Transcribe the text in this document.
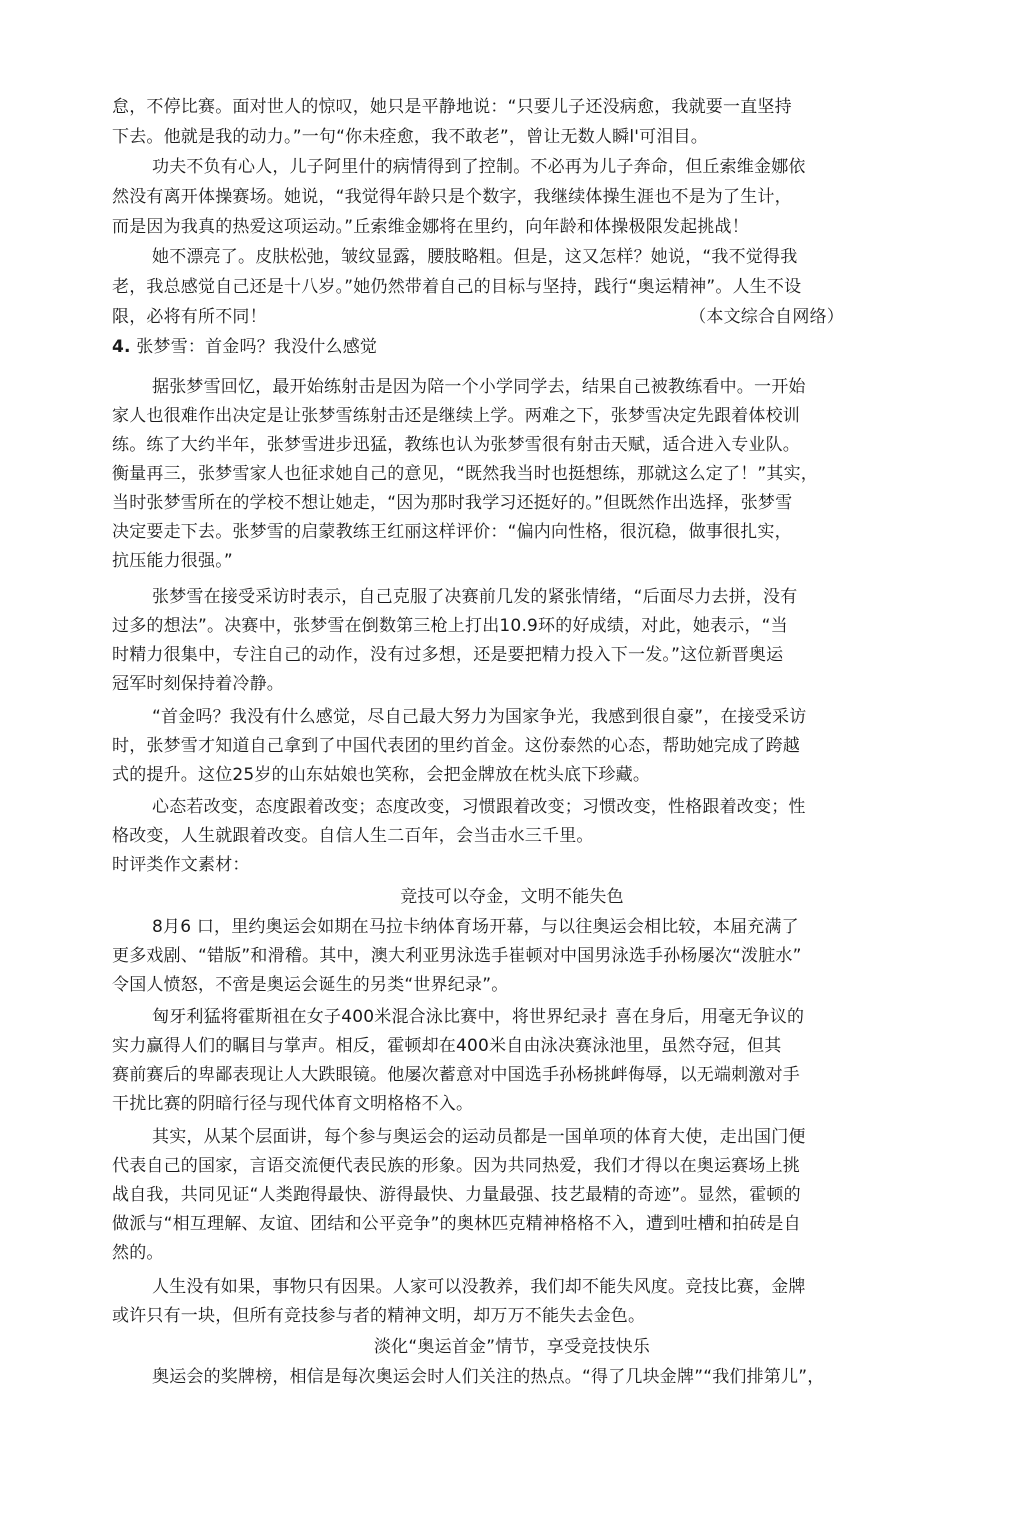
怠，不停比赛。面对世人的惊叹，她只是平静地说：“只要儿子还没病愈，我就要一直坚持
下去。他就是我的动力。”一句“你未痊愈，我不敢老”，曾让无数人瞬l'可泪目。
功夫不负有心人，儿子阿里什的病情得到了控制。不必再为儿子奔命，但丘索维金娜依
然没有离开体操赛场。她说，“我觉得年龄只是个数字，我继续体操生涯也不是为了生计，
而是因为我真的热爱这项运动。”丘索维金娜将在里约，向年龄和体操极限发起挑战！
她不漂亮了。皮肤松弛，皱纹显露，腰肢略粗。但是，这又怎样？她说，“我不觉得我
老，我总感觉自己还是十八岁。”她仍然带着自己的目标与坚持，践行“奥运精神”。人生不设
限，必将有所不同！	（本文综合自网络）
4. 张梦雪：首金吗？我没什么感觉
据张梦雪回忆，最开始练射击是因为陪一个小学同学去，结果自己被教练看中。一开始
家人也很难作出决定是让张梦雪练射击还是继续上学。两难之下，张梦雪决定先跟着体校训
练。练了大约半年，张梦雪进步迅猛，教练也认为张梦雪很有射击天赋，适合进入专业队。
衡量再三，张梦雪家人也征求她自己的意见，“既然我当时也挺想练，那就这么定了！”其实，
当时张梦雪所在的学校不想让她走，“因为那时我学习还挺好的。”但既然作出选择，张梦雪
决定要走下去。张梦雪的启蒙教练王红丽这样评价：“偏内向性格，很沉稳，做事很扎实，
抗压能力很强。”
张梦雪在接受采访时表示，自己克服了决赛前几发的紧张情绪，“后面尽力去拼，没有
过多的想法”。决赛中，张梦雪在倒数第三枪上打出10.9环的好成绩，对此，她表示，“当
时精力很集中，专注自己的动作，没有过多想，还是要把精力投入下一发。”这位新晋奥运
冠军时刻保持着冷静。
“首金吗？我没有什么感觉，尽自己最大努力为国家争光，我感到很自豪”，在接受采访
时，张梦雪才知道自己拿到了中国代表团的里约首金。这份泰然的心态，帮助她完成了跨越
式的提升。这位25岁的山东姑娘也笑称，会把金牌放在枕头底下珍藏。
心态若改变，态度跟着改变；态度改变，习惯跟着改变；习惯改变，性格跟着改变；性
格改变，人生就跟着改变。自信人生二百年，会当击水三千里。
时评类作文素材：
竞技可以夺金，文明不能失色
8月6 口，里约奥运会如期在马拉卡纳体育场开幕，与以往奥运会相比较，本届充满了
更多戏剧、“错版”和滑稽。其中，澳大利亚男泳选手崔顿对中国男泳选手孙杨屡次“泼脏水”
令国人愤怒，不啻是奥运会诞生的另类“世界纪录”。
匈牙利猛将霍斯祖在女子400米混合泳比赛中，将世界纪录扌喜在身后，用毫无争议的
实力赢得人们的瞩目与掌声。相反，霍顿却在400米自由泳决赛泳池里，虽然夺冠，但其
赛前赛后的卑鄙表现让人大跌眼镜。他屡次蓄意对中国选手孙杨挑衅侮辱，以无端刺激对手
干扰比赛的阴暗行径与现代体育文明格格不入。
其实，从某个层面讲，每个参与奥运会的运动员都是一国单项的体育大使，走出国门便
代表自己的国家，言语交流便代表民族的形象。因为共同热爱，我们才得以在奥运赛场上挑
战自我，共同见证“人类跑得最快、游得最快、力量最强、技艺最精的奇迹”。显然，霍顿的
做派与“相互理解、友谊、团结和公平竞争”的奥林匹克精神格格不入，遭到吐槽和拍砖是自
然的。
人生没有如果，事物只有因果。人家可以没教养，我们却不能失风度。竞技比赛，金牌
或许只有一块，但所有竞技参与者的精神文明，却万万不能失去金色。
淡化“奥运首金”情节，享受竞技快乐
奥运会的奖牌榜，相信是每次奥运会时人们关注的热点。“得了几块金牌”“我们排第儿”，
